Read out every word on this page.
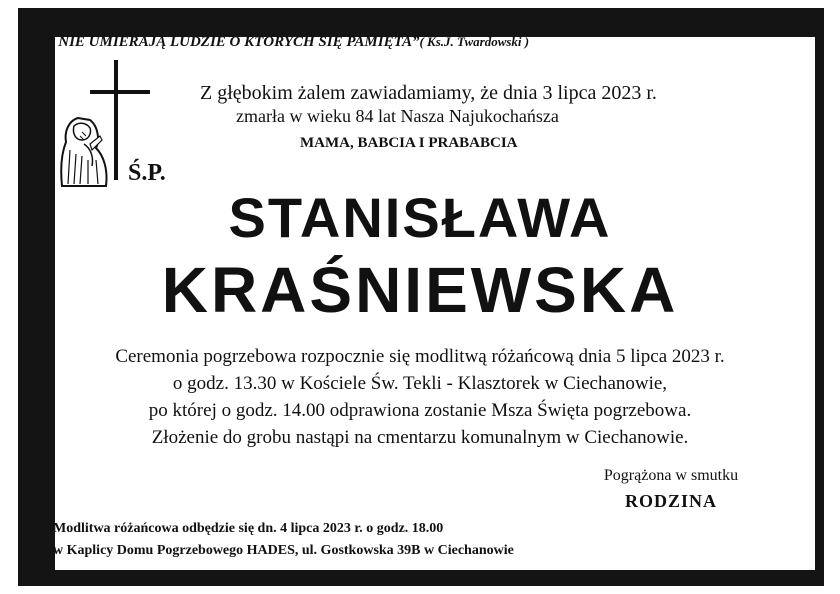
“ NIE UMIERAJĄ LUDZIE O KTÓRYCH SIĘ PAMIĘTA”( Ks.J. Twardowski )
Ś.P.
Z głębokim żalem zawiadamiamy, że dnia 3 lipca 2023 r.
zmarła w wieku 84 lat Nasza Najukochańsza
MAMA, BABCIA I PRABABCIA
STANISŁAWA
KRAŚNIEWSKA
Ceremonia pogrzebowa rozpocznie się modlitwą różańcową dnia 5 lipca 2023 r.
o godz. 13.30 w Kościele Św. Tekli - Klasztorek w Ciechanowie,
po której o godz. 14.00 odprawiona zostanie Msza Święta pogrzebowa.
Złożenie do grobu nastąpi na cmentarzu komunalnym w Ciechanowie.
Pogrążona w smutku
RODZINA
Modlitwa różańcowa odbędzie się dn. 4 lipca 2023 r. o godz. 18.00
w Kaplicy Domu Pogrzebowego HADES, ul. Gostkowska 39B w Ciechanowie
